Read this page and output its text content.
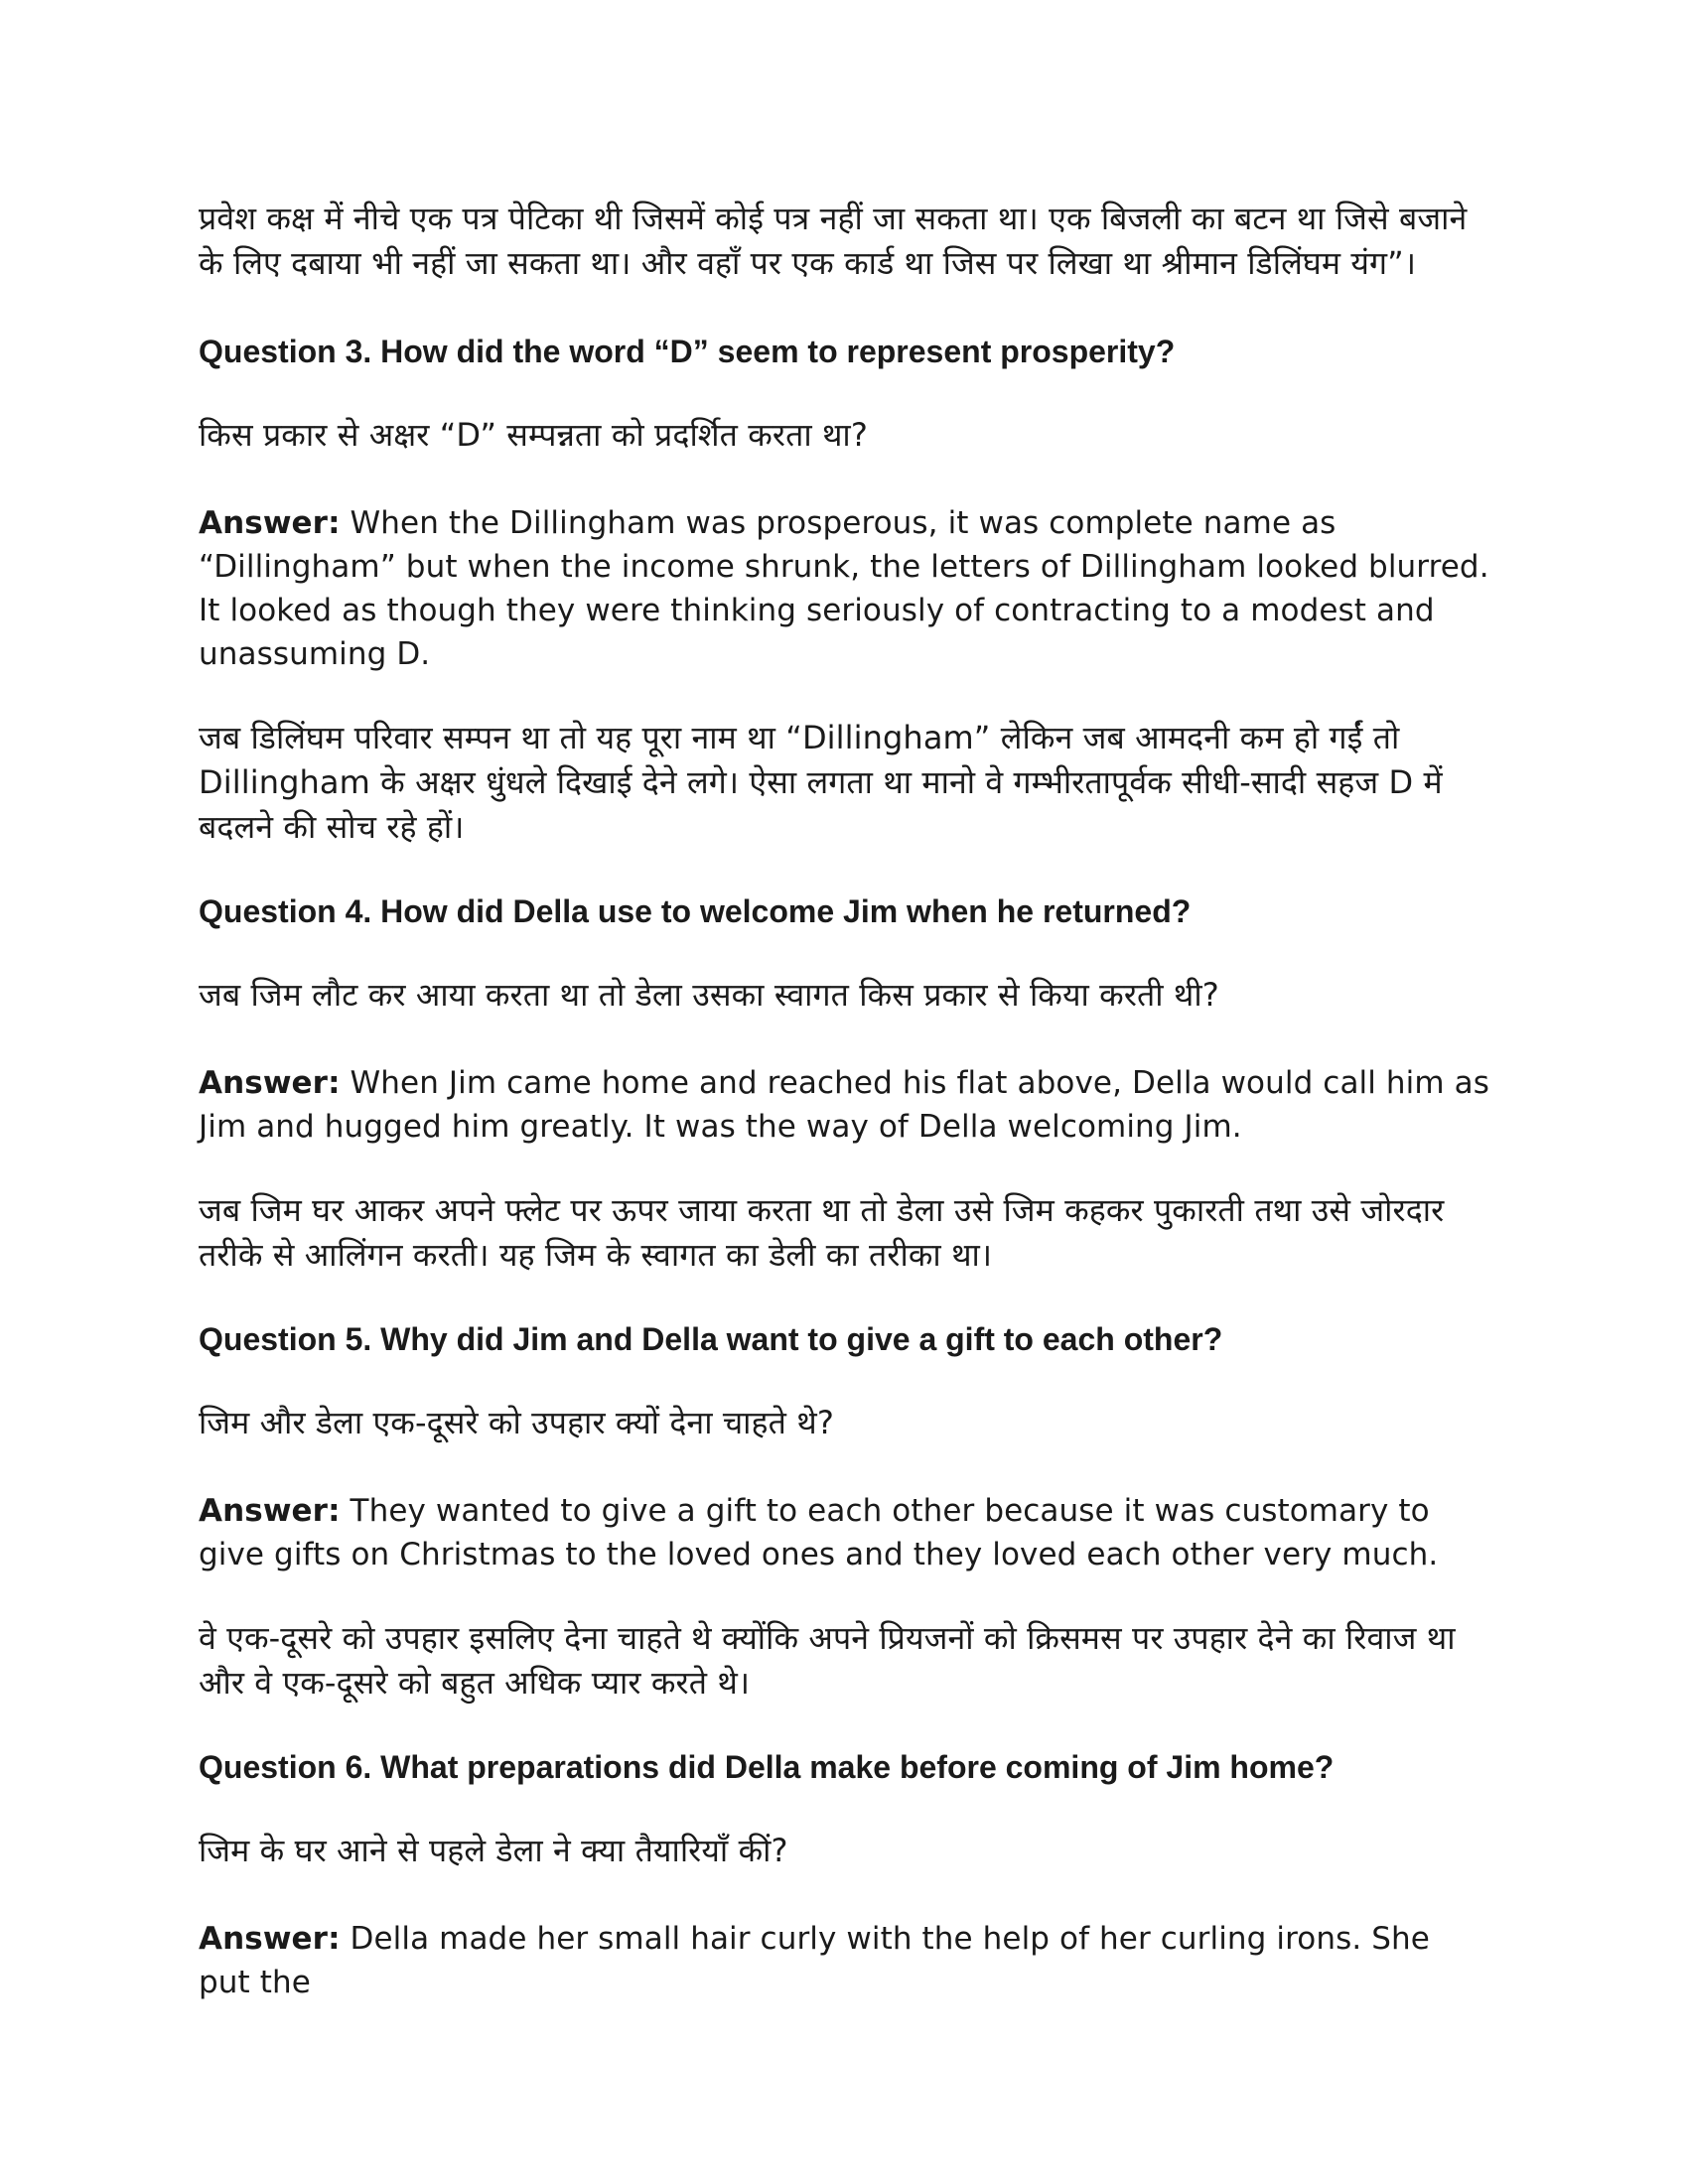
प्रवेश कक्ष में नीचे एक पत्र पेटिका थी जिसमें कोई पत्र नहीं जा सकता था। एक बिजली का बटन था जिसे बजाने के लिए दबाया भी नहीं जा सकता था। और वहाँ पर एक कार्ड था जिस पर लिखा था श्रीमान डिलिंघम यंग”।

Question 3. How did the word “D” seem to represent prosperity?

किस प्रकार से अक्षर “D” सम्पन्नता को प्रदर्शित करता था?

Answer: When the Dillingham was prosperous, it was complete name as “Dillingham” but when the income shrunk, the letters of Dillingham looked blurred. It looked as though they were thinking seriously of contracting to a modest and unassuming D.

जब डिलिंघम परिवार सम्पन था तो यह पूरा नाम था “Dillingham” लेकिन जब आमदनी कम हो गईं तो Dillingham के अक्षर धुंधले दिखाई देने लगे। ऐसा लगता था मानो वे गम्भीरतापूर्वक सीधी-सादी सहज D में बदलने की सोच रहे हों।

Question 4. How did Della use to welcome Jim when he returned?

जब जिम लौट कर आया करता था तो डेला उसका स्वागत किस प्रकार से किया करती थी?

Answer: When Jim came home and reached his flat above, Della would call him as Jim and hugged him greatly. It was the way of Della welcoming Jim.

जब जिम घर आकर अपने फ्लेट पर ऊपर जाया करता था तो डेला उसे जिम कहकर पुकारती तथा उसे जोरदार तरीके से आलिंगन करती। यह जिम के स्वागत का डेली का तरीका था।

Question 5. Why did Jim and Della want to give a gift to each other?

जिम और डेला एक-दूसरे को उपहार क्यों देना चाहते थे?

Answer: They wanted to give a gift to each other because it was customary to give gifts on Christmas to the loved ones and they loved each other very much.

वे एक-दूसरे को उपहार इसलिए देना चाहते थे क्योंकि अपने प्रियजनों को क्रिसमस पर उपहार देने का रिवाज था और वे एक-दूसरे को बहुत अधिक प्यार करते थे।

Question 6. What preparations did Della make before coming of Jim home?

जिम के घर आने से पहले डेला ने क्या तैयारियाँ कीं?

Answer: Della made her small hair curly with the help of her curling irons. She put the
